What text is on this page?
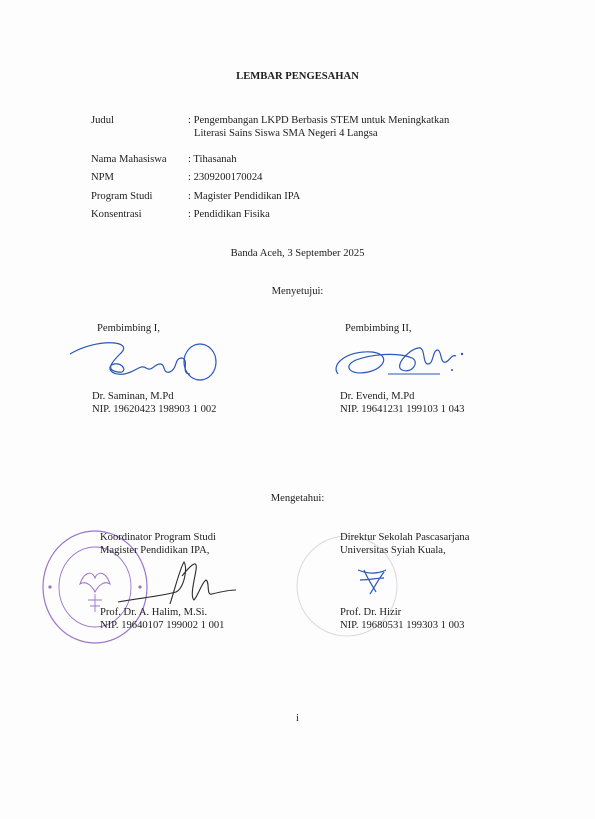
LEMBAR PENGESAHAN
Judul	: Pengembangan LKPD Berbasis STEM untuk Meningkatkan
Literasi Sains Siswa SMA Negeri 4 Langsa
Nama Mahasiswa : Tihasanah
NPM	: 2309200170024
Program Studi	: Magister Pendidikan IPA
Konsentrasi	: Pendidikan Fisika
Banda Aceh, 3 September 2025
Menyetujui:
Pembimbing I,
Dr. Saminan, M.Pd
NIP. 19620423 198903 1 002
Pembimbing II,
Dr. Evendi, M.Pd
NIP. 19641231 199103 1 043
Mengetahui:
Koordinator Program Studi
Magister Pendidikan IPA,
Prof. Dr. A. Halim, M.Si.
NIP. 19640107 199002 1 001
Direktur Sekolah Pascasarjana
Universitas Syiah Kuala,
Prof. Dr. Hizir
NIP. 19680531 199303 1 003
i
